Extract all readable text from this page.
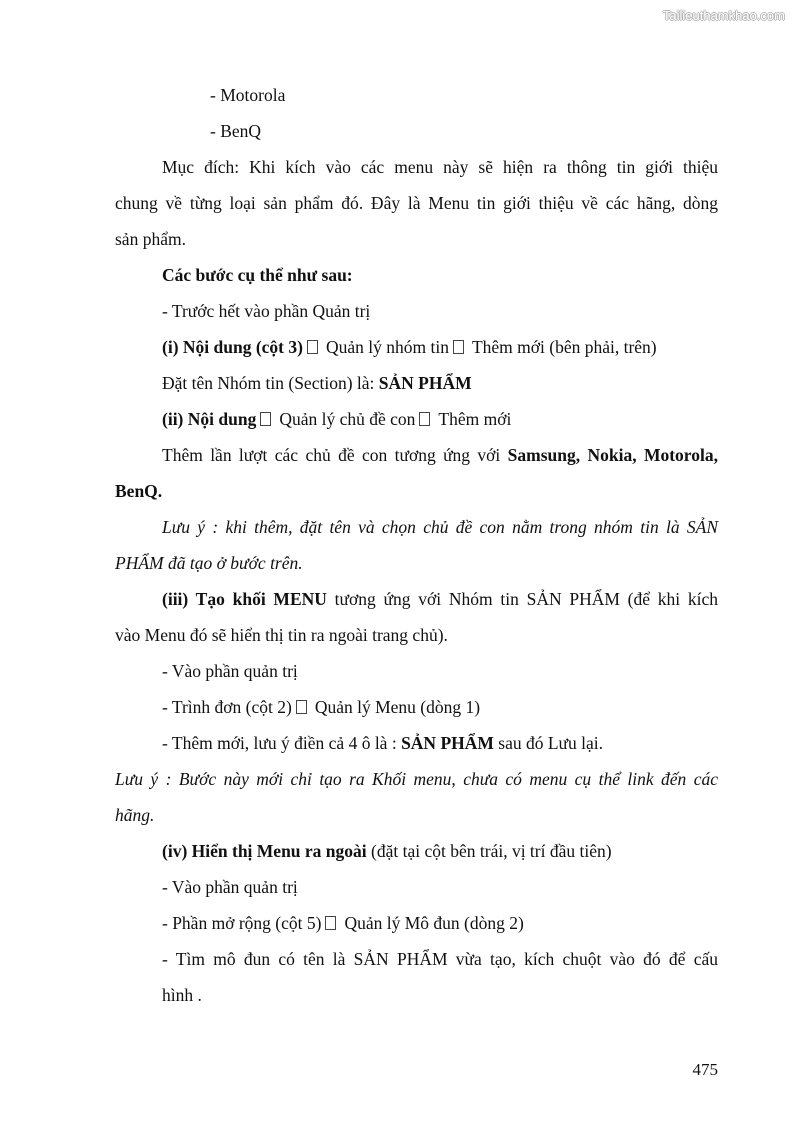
Tailieuthamkhao.com
- Motorola
- BenQ
Mục đích: Khi kích vào các menu này sẽ hiện ra thông tin giới thiệu
chung về từng loại sản phẩm đó. Đây là Menu tin giới thiệu về các hãng, dòng
sản phẩm.
Các bước cụ thể như sau:
- Trước hết vào phần Quản trị
(i) Nội dung (cột 3) Quản lý nhóm tin Thêm mới (bên phải, trên)
Đặt tên Nhóm tin (Section) là: SẢN PHẨM
(ii) Nội dung Quản lý chủ đề con Thêm mới
Thêm lần lượt các chủ đề con tương ứng với Samsung, Nokia, Motorola,
BenQ.
Lưu ý : khi thêm, đặt tên và chọn chủ đề con nằm trong nhóm tin là SẢN
PHẨM đã tạo ở bước trên.
(iii) Tạo khối MENU tương ứng với Nhóm tin SẢN PHẨM (để khi kích
vào Menu đó sẽ hiển thị tin ra ngoài trang chủ).
- Vào phần quản trị
- Trình đơn (cột 2) Quản lý Menu (dòng 1)
- Thêm mới, lưu ý điền cả 4 ô là : SẢN PHẨM sau đó Lưu lại.
Lưu ý : Bước này mới chỉ tạo ra Khối menu, chưa có menu cụ thể link đến các
hãng.
(iv) Hiển thị Menu ra ngoài (đặt tại cột bên trái, vị trí đầu tiên)
- Vào phần quản trị
- Phần mở rộng (cột 5) Quản lý Mô đun (dòng 2)
- Tìm mô đun có tên là SẢN PHẨM vừa tạo, kích chuột vào đó để cấu
hình .
475
